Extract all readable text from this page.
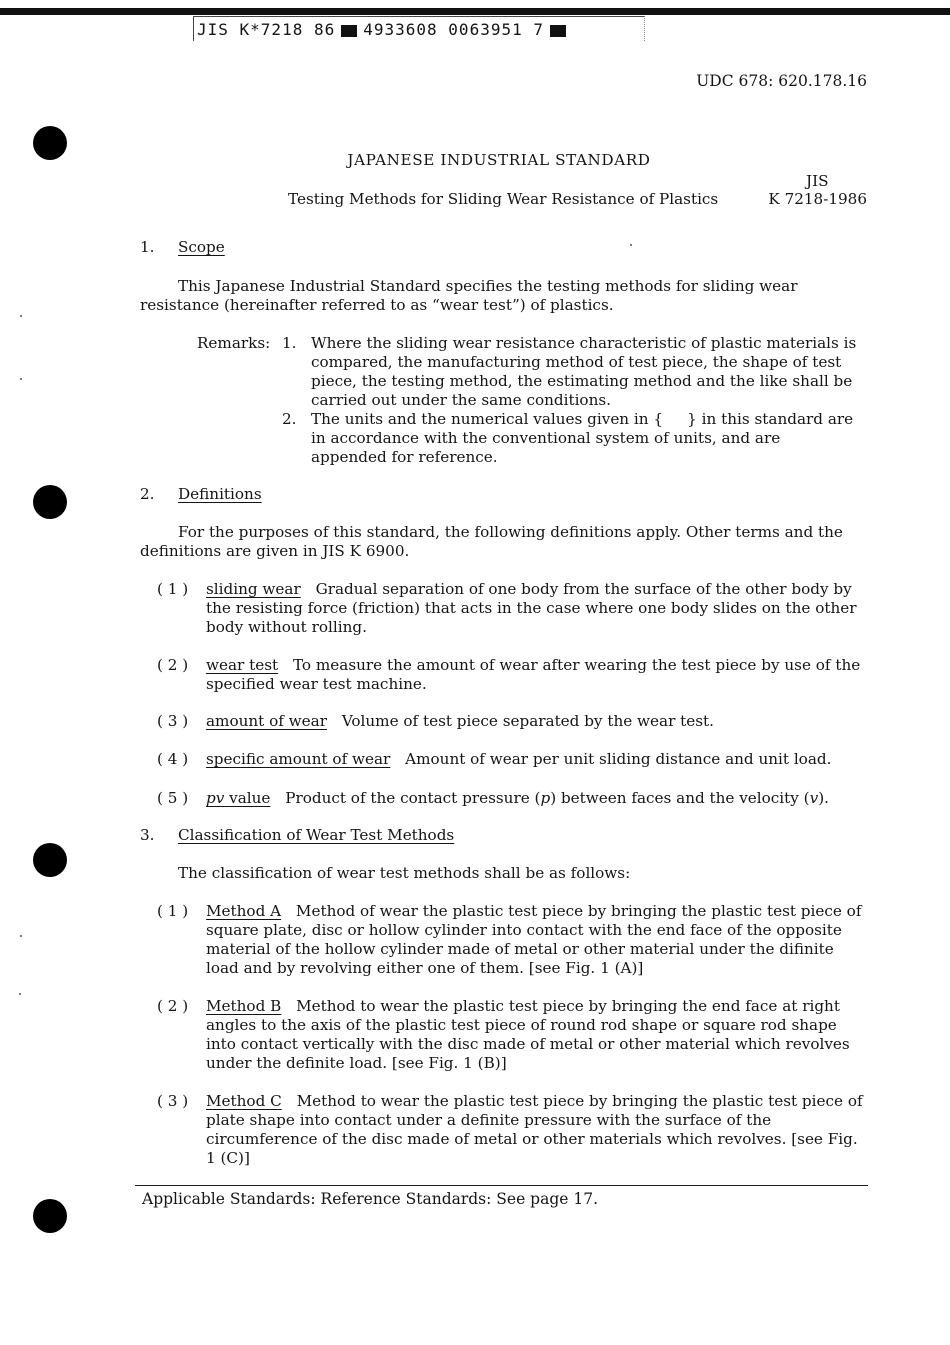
JIS K*7218 86 4933608 0063951 7
UDC 678: 620.178.16
JAPANESE INDUSTRIAL STANDARD
JIS
Testing Methods for Sliding Wear Resistance of Plastics	K 7218-1986
1. Scope
This Japanese Industrial Standard specifies the testing methods for sliding wear resistance (hereinafter referred to as “wear test”) of plastics.
Remarks: 1. Where the sliding wear resistance characteristic of plastic materials is compared, the manufacturing method of test piece, the shape of test piece, the testing method, the estimating method and the like shall be carried out under the same conditions.
2. The units and the numerical values given in {     } in this standard are in accordance with the conventional system of units, and are appended for reference.
2. Definitions
For the purposes of this standard, the following definitions apply. Other terms and the definitions are given in JIS K 6900.
( 1 ) sliding wear Gradual separation of one body from the surface of the other body by the resisting force (friction) that acts in the case where one body slides on the other body without rolling.
( 2 ) wear test To measure the amount of wear after wearing the test piece by use of the specified wear test machine.
( 3 ) amount of wear Volume of test piece separated by the wear test.
( 4 ) specific amount of wear Amount of wear per unit sliding distance and unit load.
( 5 ) pv value Product of the contact pressure (p) between faces and the velocity (v).
3. Classification of Wear Test Methods
The classification of wear test methods shall be as follows:
( 1 ) Method A Method of wear the plastic test piece by bringing the plastic test piece of square plate, disc or hollow cylinder into contact with the end face of the opposite material of the hollow cylinder made of metal or other material under the difinite load and by revolving either one of them. [see Fig. 1 (A)]
( 2 ) Method B Method to wear the plastic test piece by bringing the end face at right angles to the axis of the plastic test piece of round rod shape or square rod shape into contact vertically with the disc made of metal or other material which revolves under the definite load. [see Fig. 1 (B)]
( 3 ) Method C Method to wear the plastic test piece by bringing the plastic test piece of plate shape into contact under a definite pressure with the surface of the circumference of the disc made of metal or other materials which revolves. [see Fig. 1 (C)]
Applicable Standards: Reference Standards: See page 17.
